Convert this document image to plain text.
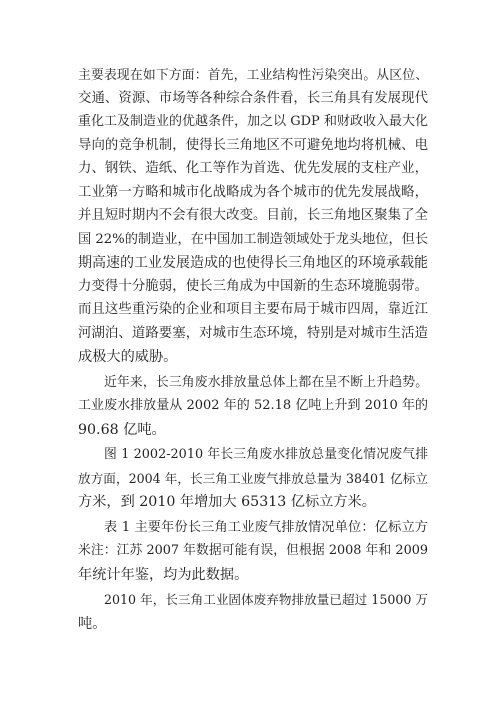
主要表现在如下方面：首先，工业结构性污染突出。从区位、
交通、资源、市场等各种综合条件看，长三角具有发展现代
重化工及制造业的优越条件，加之以 GDP 和财政收入最大化
导向的竞争机制，使得长三角地区不可避免地均将机械、电
力、钢铁、造纸、化工等作为首选、优先发展的支柱产业，
工业第一方略和城市化战略成为各个城市的优先发展战略，
并且短时期内不会有很大改变。目前，长三角地区聚集了全
国 22%的制造业，在中国加工制造领域处于龙头地位，但长
期高速的工业发展造成的也使得长三角地区的环境承载能
力变得十分脆弱，使长三角成为中国新的生态环境脆弱带。
而且这些重污染的企业和项目主要布局于城市四周，靠近江
河湖泊、道路要塞，对城市生态环境，特别是对城市生活造
成极大的威胁。
近年来，长三角废水排放量总体上都在呈不断上升趋势。
工业废水排放量从 2002 年的 52.18 亿吨上升到 2010 年的
90.68 亿吨。
图 1 2002-2010 年长三角废水排放总量变化情况废气排
放方面，2004 年，长三角工业废气排放总量为 38401 亿标立
方米，到 2010 年增加大 65313 亿标立方米。
表 1 主要年份长三角工业废气排放情况单位：亿标立方
米注：江苏 2007 年数据可能有误，但根据 2008 年和 2009
年统计年鉴，均为此数据。
2010 年，长三角工业固体废弃物排放量已超过 15000 万
吨。
